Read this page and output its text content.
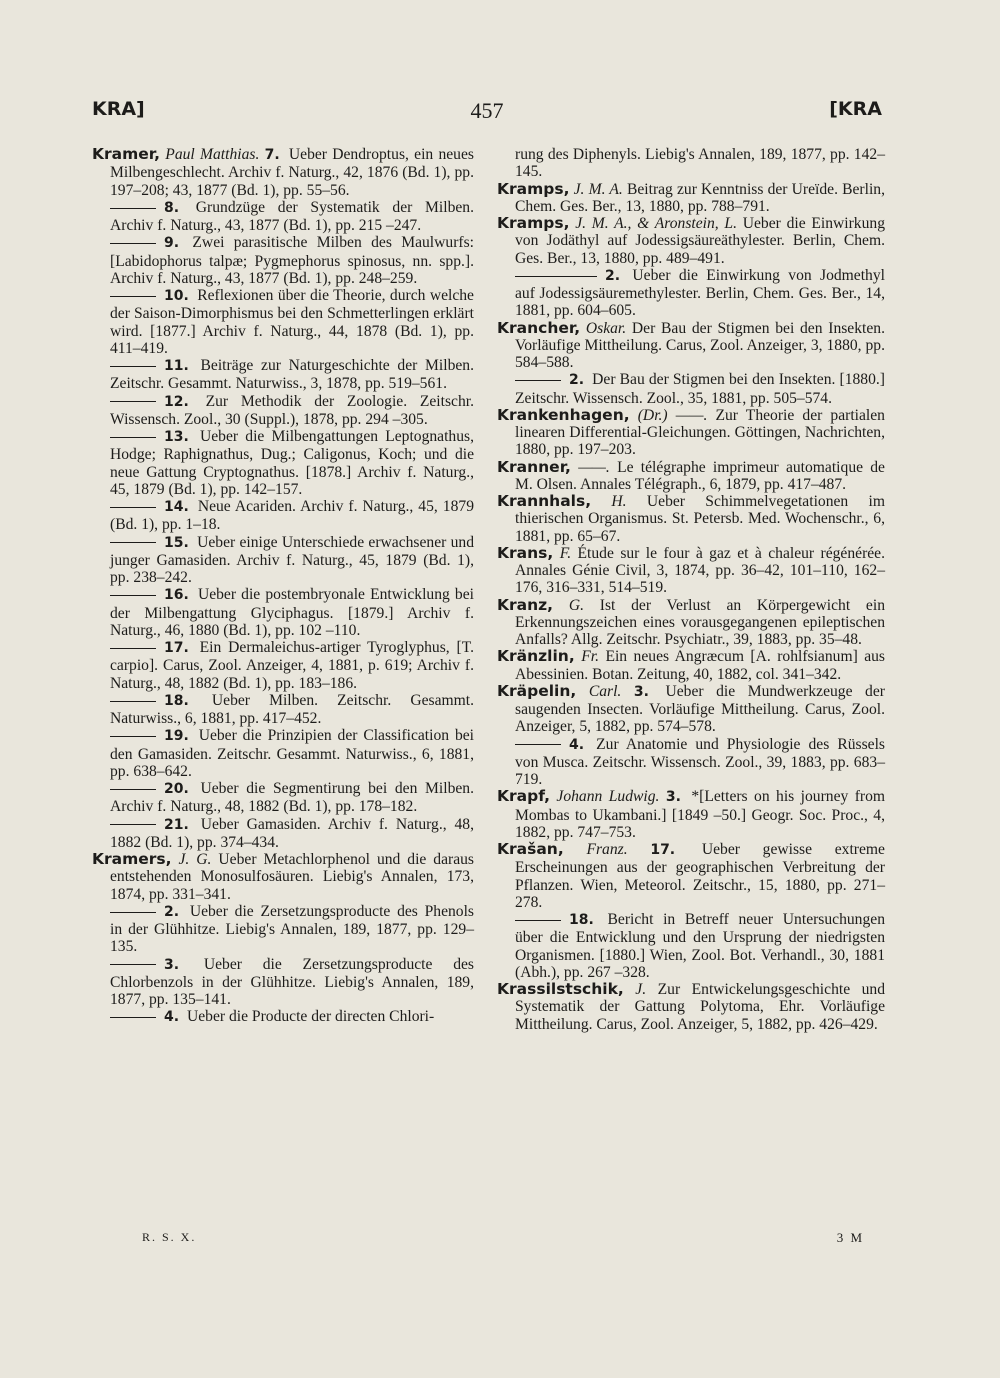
KRA]	457	[KRA

Kramer, Paul Matthias. 7. Ueber Dendroptus, ein neues Milbengeschlecht. Archiv f. Naturg., 42, 1876 (Bd. 1), pp. 197–208; 43, 1877 (Bd. 1), pp. 55–56.

8. Grundzüge der Systematik der Milben. Archiv f. Naturg., 43, 1877 (Bd. 1), pp. 215 –247.

9. Zwei parasitische Milben des Maulwurfs: [Labidophorus talpæ; Pygmephorus spinosus, nn. spp.]. Archiv f. Naturg., 43, 1877 (Bd. 1), pp. 248–259.

10. Reflexionen über die Theorie, durch welche der Saison-Dimorphismus bei den Schmetterlingen erklärt wird. [1877.] Archiv f. Naturg., 44, 1878 (Bd. 1), pp. 411–419.

11. Beiträge zur Naturgeschichte der Milben. Zeitschr. Gesammt. Naturwiss., 3, 1878, pp. 519–561.

12. Zur Methodik der Zoologie. Zeitschr. Wissensch. Zool., 30 (Suppl.), 1878, pp. 294 –305.

13. Ueber die Milbengattungen Leptognathus, Hodge; Raphignathus, Dug.; Caligonus, Koch; und die neue Gattung Cryptognathus. [1878.] Archiv f. Naturg., 45, 1879 (Bd. 1), pp. 142–157.

14. Neue Acariden. Archiv f. Naturg., 45, 1879 (Bd. 1), pp. 1–18.

15. Ueber einige Unterschiede erwachsener und junger Gamasiden. Archiv f. Naturg., 45, 1879 (Bd. 1), pp. 238–242.

16. Ueber die postembryonale Entwicklung bei der Milbengattung Glyciphagus. [1879.] Archiv f. Naturg., 46, 1880 (Bd. 1), pp. 102 –110.

17. Ein Dermaleichus-artiger Tyroglyphus, [T. carpio]. Carus, Zool. Anzeiger, 4, 1881, p. 619; Archiv f. Naturg., 48, 1882 (Bd. 1), pp. 183–186.

18. Ueber Milben. Zeitschr. Gesammt. Naturwiss., 6, 1881, pp. 417–452.

19. Ueber die Prinzipien der Classification bei den Gamasiden. Zeitschr. Gesammt. Naturwiss., 6, 1881, pp. 638–642.

20. Ueber die Segmentirung bei den Milben. Archiv f. Naturg., 48, 1882 (Bd. 1), pp. 178–182.

21. Ueber Gamasiden. Archiv f. Naturg., 48, 1882 (Bd. 1), pp. 374–434.

Kramers, J. G. Ueber Metachlorphenol und die daraus entstehenden Monosulfosäuren. Liebig's Annalen, 173, 1874, pp. 331–341.

2. Ueber die Zersetzungsproducte des Phenols in der Glühhitze. Liebig's Annalen, 189, 1877, pp. 129–135.

3. Ueber die Zersetzungsproducte des Chlorbenzols in der Glühhitze. Liebig's Annalen, 189, 1877, pp. 135–141.

4. Ueber die Producte der directen Chlori-

rung des Diphenyls. Liebig's Annalen, 189, 1877, pp. 142–145.

Kramps, J. M. A. Beitrag zur Kenntniss der Ureïde. Berlin, Chem. Ges. Ber., 13, 1880, pp. 788–791.

Kramps, J. M. A., & Aronstein, L. Ueber die Einwirkung von Jodäthyl auf Jodessigsäureäthylester. Berlin, Chem. Ges. Ber., 13, 1880, pp. 489–491.

2. Ueber die Einwirkung von Jodmethyl auf Jodessigsäuremethylester. Berlin, Chem. Ges. Ber., 14, 1881, pp. 604–605.

Krancher, Oskar. Der Bau der Stigmen bei den Insekten. Vorläufige Mittheilung. Carus, Zool. Anzeiger, 3, 1880, pp. 584–588.

2. Der Bau der Stigmen bei den Insekten. [1880.] Zeitschr. Wissensch. Zool., 35, 1881, pp. 505–574.

Krankenhagen, (Dr.) ——. Zur Theorie der partialen linearen Differential-Gleichungen. Göttingen, Nachrichten, 1880, pp. 197–203.

Kranner, ——. Le télégraphe imprimeur automatique de M. Olsen. Annales Télégraph., 6, 1879, pp. 417–487.

Krannhals, H. Ueber Schimmelvegetationen im thierischen Organismus. St. Petersb. Med. Wochenschr., 6, 1881, pp. 65–67.

Krans, F. Étude sur le four à gaz et à chaleur régénérée. Annales Génie Civil, 3, 1874, pp. 36–42, 101–110, 162–176, 316–331, 514–519.

Kranz, G. Ist der Verlust an Körpergewicht ein Erkennungszeichen eines vorausgegangenen epileptischen Anfalls? Allg. Zeitschr. Psychiatr., 39, 1883, pp. 35–48.

Kränzlin, Fr. Ein neues Angræcum [A. rohlfsianum] aus Abessinien. Botan. Zeitung, 40, 1882, col. 341–342.

Kräpelin, Carl. 3. Ueber die Mundwerkzeuge der saugenden Insecten. Vorläufige Mittheilung. Carus, Zool. Anzeiger, 5, 1882, pp. 574–578.

4. Zur Anatomie und Physiologie des Rüssels von Musca. Zeitschr. Wissensch. Zool., 39, 1883, pp. 683–719.

Krapf, Johann Ludwig. 3. *[Letters on his journey from Mombas to Ukambani.] [1849 –50.] Geogr. Soc. Proc., 4, 1882, pp. 747–753.

Krašan, Franz. 17. Ueber gewisse extreme Erscheinungen aus der geographischen Verbreitung der Pflanzen. Wien, Meteorol. Zeitschr., 15, 1880, pp. 271–278.

18. Bericht in Betreff neuer Untersuchungen über die Entwicklung und den Ursprung der niedrigsten Organismen. [1880.] Wien, Zool. Bot. Verhandl., 30, 1881 (Abh.), pp. 267 –328.

Krassilstschik, J. Zur Entwickelungsgeschichte und Systematik der Gattung Polytoma, Ehr. Vorläufige Mittheilung. Carus, Zool. Anzeiger, 5, 1882, pp. 426–429.

R. S. X.	3 M
